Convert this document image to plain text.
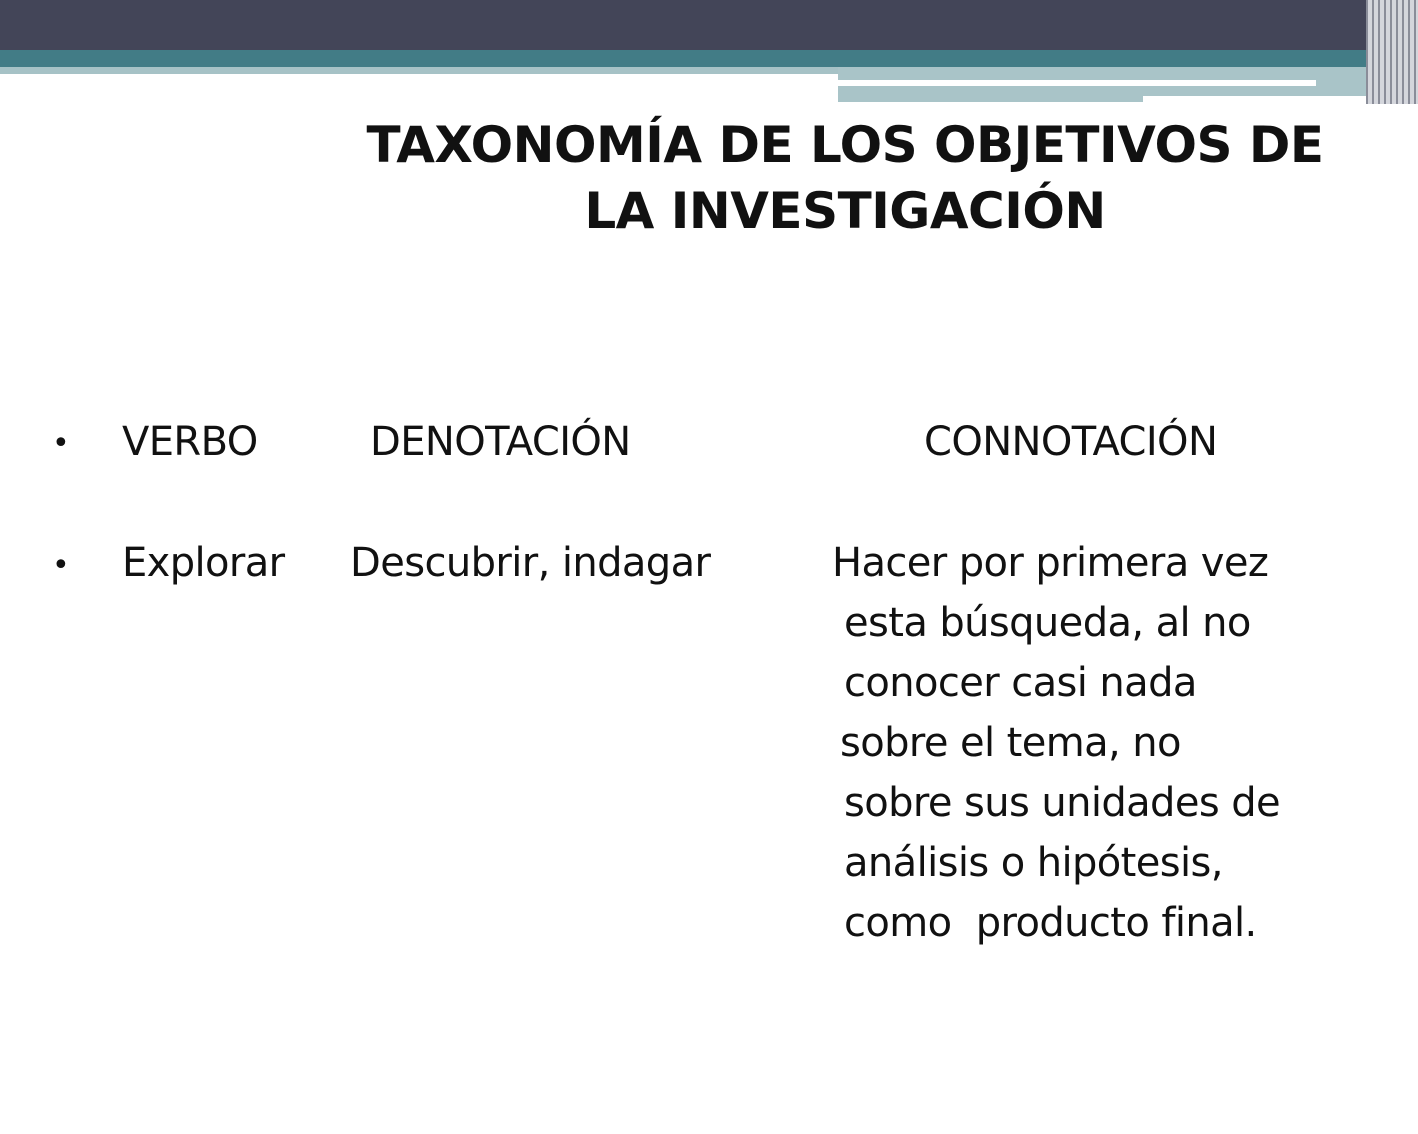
TAXONOMÍA DE LOS OBJETIVOS DE
LA INVESTIGACIÓN
• VERBO	DENOTACIÓN	CONNOTACIÓN
• Explorar Descubrir, indagar	Hacer por primera vez
esta búsqueda, al no
conocer casi nada
sobre el tema, no
sobre sus unidades de
análisis o hipótesis,
como  producto final.
